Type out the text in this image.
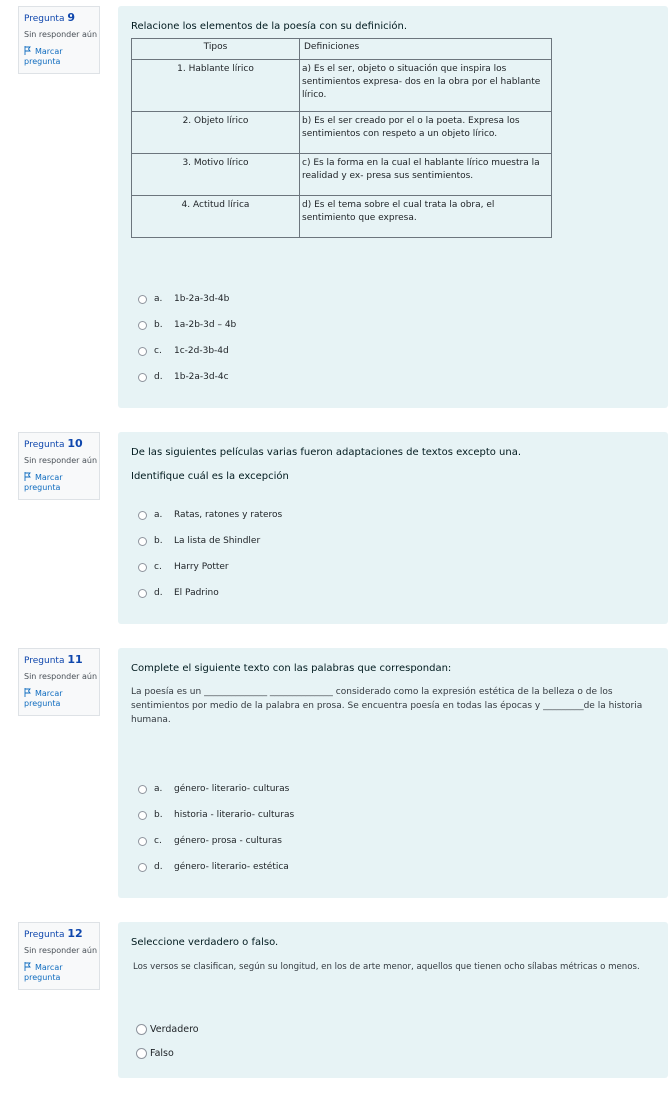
Pregunta 9
Sin responder aún
Marcar pregunta
Relacione los elementos de la poesía con su definición.
Tipos	Definiciones
1. Hablante lírico	a) Es el ser, objeto o situación que inspira los sentimientos expresa- dos en la obra por el hablante lírico.
2. Objeto lírico	b) Es el ser creado por el o la poeta. Expresa los sentimientos con respeto a un objeto lírico.
3. Motivo lírico	c) Es la forma en la cual el hablante lírico muestra la realidad y ex- presa sus sentimientos.
4. Actitud lírica	d) Es el tema sobre el cual trata la obra, el sentimiento que expresa.
a.	1b-2a-3d-4b
b.	1a-2b-3d – 4b
c.	1c-2d-3b-4d
d.	1b-2a-3d-4c
Pregunta 10
Sin responder aún
Marcar pregunta
De las siguientes películas varias fueron adaptaciones de textos excepto una.
Identifique cuál es la excepción
a.	Ratas, ratones y rateros
b.	La lista de Shindler
c.	Harry Potter
d.	El Padrino
Pregunta 11
Sin responder aún
Marcar pregunta
Complete el siguiente texto con las palabras que correspondan:
La poesía es un ______________ ______________ considerado como la expresión estética de la belleza o de los sentimientos por medio de la palabra en prosa. Se encuentra poesía en todas las épocas y _________de la historia humana.
a.	género- literario- culturas
b.	historia - literario- culturas
c.	género- prosa - culturas
d.	género- literario- estética
Pregunta 12
Sin responder aún
Marcar pregunta
Seleccione verdadero o falso.
Los versos se clasifican, según su longitud, en los de arte menor, aquellos que tienen ocho sílabas métricas o menos.
Verdadero
Falso
